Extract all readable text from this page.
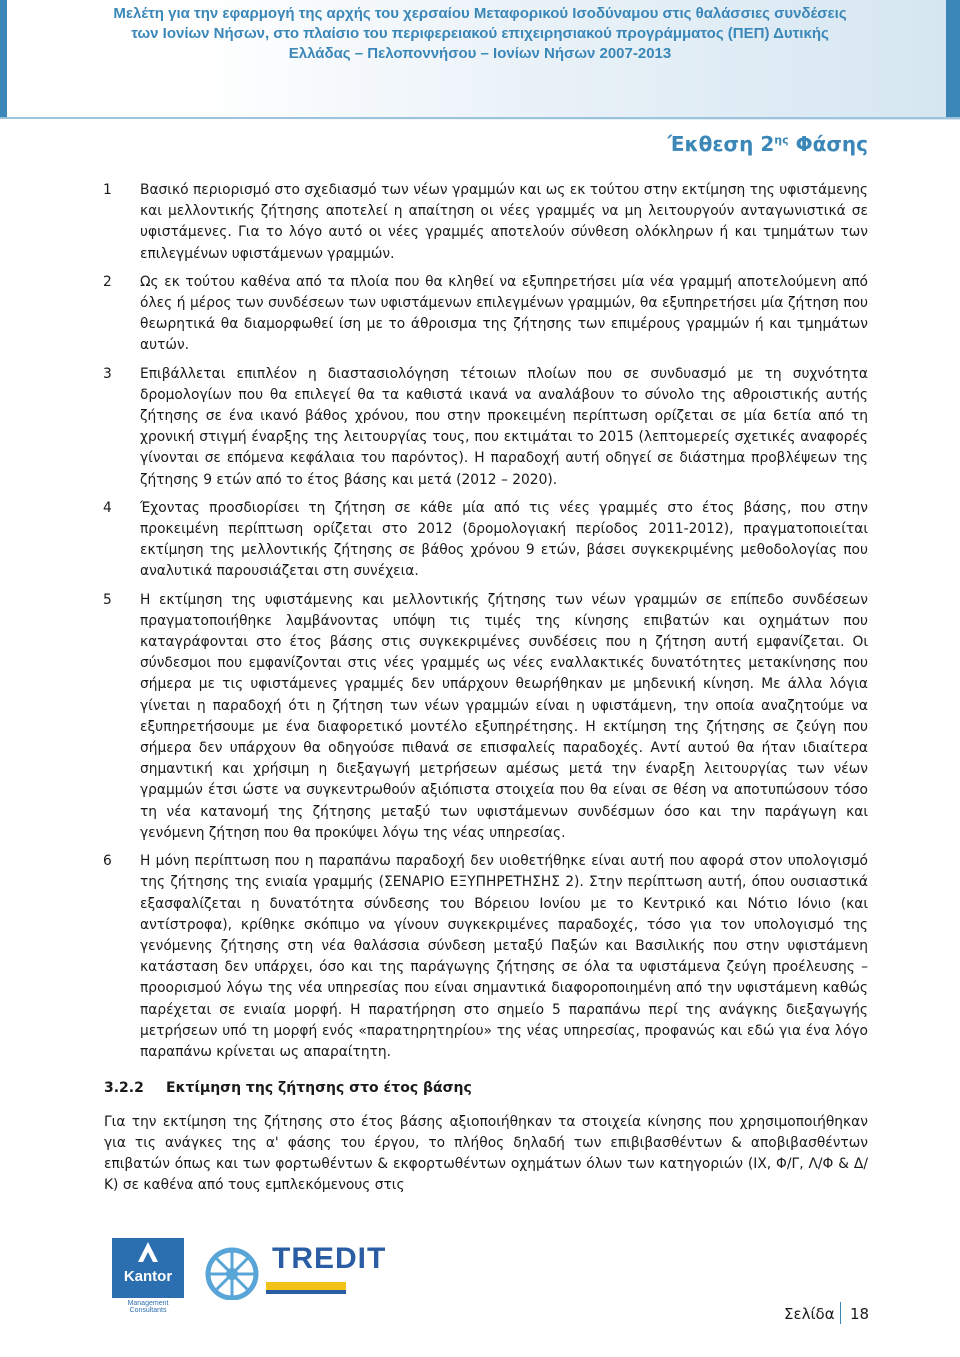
Μελέτη για την εφαρμογή της αρχής του χερσαίου Μεταφορικού Ισοδύναμου στις θαλάσσιες συνδέσεις των Ιονίων Νήσων, στο πλαίσιο του περιφερειακού επιχειρησιακού προγράμματος (ΠΕΠ) Δυτικής Ελλάδας – Πελοποννήσου – Ιονίων Νήσων 2007-2013
Έκθεση $2^{\eta\varsigma}$ Φάσης
1 Βασικό περιορισμό στο σχεδιασμό των νέων γραμμών και ως εκ τούτου στην εκτίμηση της υφιστάμενης και μελλοντικής ζήτησης αποτελεί η απαίτηση οι νέες γραμμές να μη λειτουργούν ανταγωνιστικά σε υφιστάμενες. Για το λόγο αυτό οι νέες γραμμές αποτελούν σύνθεση ολόκληρων ή και τμημάτων των επιλεγμένων υφιστάμενων γραμμών.
2 Ως εκ τούτου καθένα από τα πλοία που θα κληθεί να εξυπηρετήσει μία νέα γραμμή αποτελούμενη από όλες ή μέρος των συνδέσεων των υφιστάμενων επιλεγμένων γραμμών, θα εξυπηρετήσει μία ζήτηση που θεωρητικά θα διαμορφωθεί ίση με το άθροισμα της ζήτησης των επιμέρους γραμμών ή και τμημάτων αυτών.
3 Επιβάλλεται επιπλέον η διαστασιολόγηση τέτοιων πλοίων που σε συνδυασμό με τη συχνότητα δρομολογίων που θα επιλεγεί θα τα καθιστά ικανά να αναλάβουν το σύνολο της αθροιστικής αυτής ζήτησης σε ένα ικανό βάθος χρόνου, που στην προκειμένη περίπτωση ορίζεται σε μία 6ετία από τη χρονική στιγμή έναρξης της λειτουργίας τους, που εκτιμάται το 2015 (λεπτομερείς σχετικές αναφορές γίνονται σε επόμενα κεφάλαια του παρόντος). Η παραδοχή αυτή οδηγεί σε διάστημα προβλέψεων της ζήτησης 9 ετών από το έτος βάσης και μετά (2012 – 2020).
4 Έχοντας προσδιορίσει τη ζήτηση σε κάθε μία από τις νέες γραμμές στο έτος βάσης, που στην προκειμένη περίπτωση ορίζεται στο 2012 (δρομολογιακή περίοδος 2011-2012), πραγματοποιείται εκτίμηση της μελλοντικής ζήτησης σε βάθος χρόνου 9 ετών, βάσει συγκεκριμένης μεθοδολογίας που αναλυτικά παρουσιάζεται στη συνέχεια.
5 Η εκτίμηση της υφιστάμενης και μελλοντικής ζήτησης των νέων γραμμών σε επίπεδο συνδέσεων πραγματοποιήθηκε λαμβάνοντας υπόψη τις τιμές της κίνησης επιβατών και οχημάτων που καταγράφονται στο έτος βάσης στις συγκεκριμένες συνδέσεις που η ζήτηση αυτή εμφανίζεται. Οι σύνδεσμοι που εμφανίζονται στις νέες γραμμές ως νέες εναλλακτικές δυνατότητες μετακίνησης που σήμερα με τις υφιστάμενες γραμμές δεν υπάρχουν θεωρήθηκαν με μηδενική κίνηση. Με άλλα λόγια γίνεται η παραδοχή ότι η ζήτηση των νέων γραμμών είναι η υφιστάμενη, την οποία αναζητούμε να εξυπηρετήσουμε με ένα διαφορετικό μοντέλο εξυπηρέτησης. Η εκτίμηση της ζήτησης σε ζεύγη που σήμερα δεν υπάρχουν θα οδηγούσε πιθανά σε επισφαλείς παραδοχές. Αντί αυτού θα ήταν ιδιαίτερα σημαντική και χρήσιμη η διεξαγωγή μετρήσεων αμέσως μετά την έναρξη λειτουργίας των νέων γραμμών έτσι ώστε να συγκεντρωθούν αξιόπιστα στοιχεία που θα είναι σε θέση να αποτυπώσουν τόσο τη νέα κατανομή της ζήτησης μεταξύ των υφιστάμενων συνδέσμων όσο και την παράγωγη και γενόμενη ζήτηση που θα προκύψει λόγω της νέας υπηρεσίας.
6 Η μόνη περίπτωση που η παραπάνω παραδοχή δεν υιοθετήθηκε είναι αυτή που αφορά στον υπολογισμό της ζήτησης της ενιαία γραμμής (ΣΕΝΑΡΙΟ ΕΞΥΠΗΡΕΤΗΣΗΣ 2). Στην περίπτωση αυτή, όπου ουσιαστικά εξασφαλίζεται η δυνατότητα σύνδεσης του Βόρειου Ιονίου με το Κεντρικό και Νότιο Ιόνιο (και αντίστροφα), κρίθηκε σκόπιμο να γίνουν συγκεκριμένες παραδοχές, τόσο για τον υπολογισμό της γενόμενης ζήτησης στη νέα θαλάσσια σύνδεση μεταξύ Παξών και Βασιλικής που στην υφιστάμενη κατάσταση δεν υπάρχει, όσο και της παράγωγης ζήτησης σε όλα τα υφιστάμενα ζεύγη προέλευσης – προορισμού λόγω της νέα υπηρεσίας που είναι σημαντικά διαφοροποιημένη από την υφιστάμενη καθώς παρέχεται σε ενιαία μορφή. Η παρατήρηση στο σημείο 5 παραπάνω περί της ανάγκης διεξαγωγής μετρήσεων υπό τη μορφή ενός «παρατηρητηρίου» της νέας υπηρεσίας, προφανώς και εδώ για ένα λόγο παραπάνω κρίνεται ως απαραίτητη.
3.2.2 Εκτίμηση της ζήτησης στο έτος βάσης
Για την εκτίμηση της ζήτησης στο έτος βάσης αξιοποιήθηκαν τα στοιχεία κίνησης που χρησιμοποιήθηκαν για τις ανάγκες της α' φάσης του έργου, το πλήθος δηλαδή των επιβιβασθέντων & αποβιβασθέντων επιβατών όπως και των φορτωθέντων & εκφορτωθέντων οχημάτων όλων των κατηγοριών (ΙΧ, Φ/Γ, Λ/Φ & Δ/Κ) σε καθένα από τους εμπλεκόμενους στις
Kantor
Management Consultants
TREDIT
Σελίδα 18
